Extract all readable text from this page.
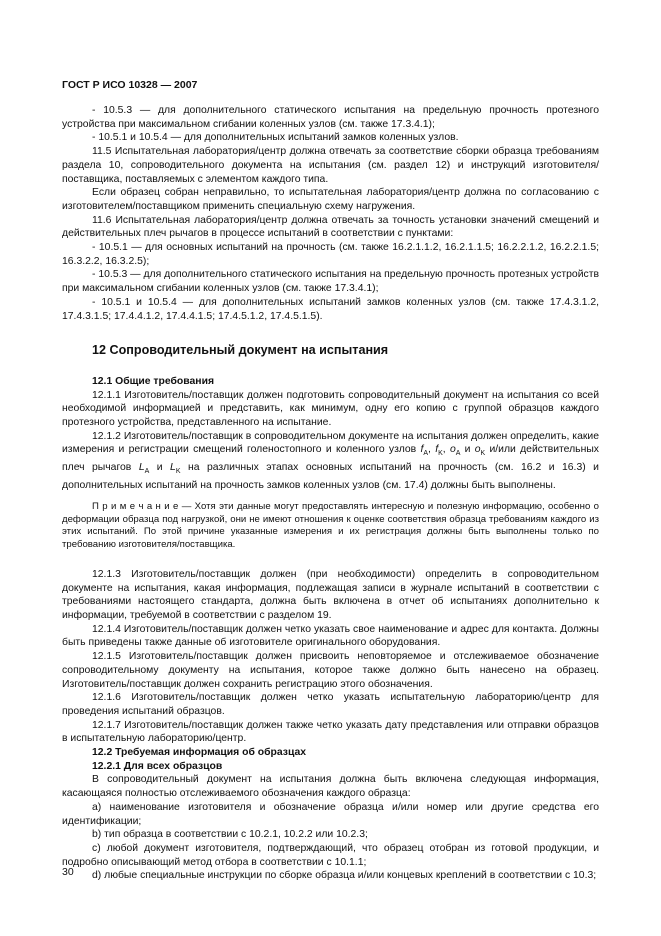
ГОСТ Р ИСО 10328 — 2007

- 10.5.3 — для дополнительного статического испытания на предельную прочность протезного устройства при максимальном сгибании коленных узлов (см. также 17.3.4.1);

- 10.5.1 и 10.5.4 — для дополнительных испытаний замков коленных узлов.

11.5 Испытательная лаборатория/центр должна отвечать за соответствие сборки образца требованиям раздела 10, сопроводительного документа на испытания (см. раздел 12) и инструкций изготовителя/поставщика, поставляемых с элементом каждого типа.

Если образец собран неправильно, то испытательная лаборатория/центр должна по согласованию с изготовителем/поставщиком применить специальную схему нагружения.

11.6 Испытательная лаборатория/центр должна отвечать за точность установки значений смещений и действительных плеч рычагов в процессе испытаний в соответствии с пунктами:

- 10.5.1 — для основных испытаний на прочность (см. также 16.2.1.1.2, 16.2.1.1.5; 16.2.2.1.2, 16.2.2.1.5; 16.3.2.2, 16.3.2.5);

- 10.5.3 — для дополнительного статического испытания на предельную прочность протезных устройств при максимальном сгибании коленных узлов (см. также 17.3.4.1);

- 10.5.1 и 10.5.4 — для дополнительных испытаний замков коленных узлов (см. также 17.4.3.1.2, 17.4.3.1.5; 17.4.4.1.2, 17.4.4.1.5; 17.4.5.1.2, 17.4.5.1.5).

12 Сопроводительный документ на испытания

12.1 Общие требования

12.1.1 Изготовитель/поставщик должен подготовить сопроводительный документ на испытания со всей необходимой информацией и представить, как минимум, одну его копию с группой образцов каждого протезного устройства, представленного на испытание.

12.1.2 Изготовитель/поставщик в сопроводительном документе на испытания должен определить, какие измерения и регистрации смещений голеностопного и коленного узлов $f_A$, $f_K$, $o_A$ и $o_K$ и/или действительных плеч рычагов $L_A$ и $L_K$ на различных этапах основных испытаний на прочность (см. 16.2 и 16.3) и дополнительных испытаний на прочность замков коленных узлов (см. 17.4) должны быть выполнены.

П р и м е ч а н и е — Хотя эти данные могут предоставлять интересную и полезную информацию, особенно о деформации образца под нагрузкой, они не имеют отношения к оценке соответствия образца требованиям каждого из этих испытаний. По этой причине указанные измерения и их регистрация должны быть выполнены только по требованию изготовителя/поставщика.

12.1.3 Изготовитель/поставщик должен (при необходимости) определить в сопроводительном документе на испытания, какая информация, подлежащая записи в журнале испытаний в соответствии с требованиями настоящего стандарта, должна быть включена в отчет об испытаниях дополнительно к информации, требуемой в соответствии с разделом 19.

12.1.4 Изготовитель/поставщик должен четко указать свое наименование и адрес для контакта. Должны быть приведены также данные об изготовителе оригинального оборудования.

12.1.5 Изготовитель/поставщик должен присвоить неповторяемое и отслеживаемое обозначение сопроводительному документу на испытания, которое также должно быть нанесено на образец. Изготовитель/поставщик должен сохранить регистрацию этого обозначения.

12.1.6 Изготовитель/поставщик должен четко указать испытательную лабораторию/центр для проведения испытаний образцов.

12.1.7 Изготовитель/поставщик должен также четко указать дату представления или отправки образцов в испытательную лабораторию/центр.

12.2 Требуемая информация об образцах

12.2.1 Для всех образцов

В сопроводительный документ на испытания должна быть включена следующая информация, касающаяся полностью отслеживаемого обозначения каждого образца:

а) наименование изготовителя и обозначение образца и/или номер или другие средства его идентификации;

b) тип образца в соответствии с 10.2.1, 10.2.2 или 10.2.3;

c) любой документ изготовителя, подтверждающий, что образец отобран из готовой продукции, и подробно описывающий метод отбора в соответствии с 10.1.1;

d) любые специальные инструкции по сборке образца и/или концевых креплений в соответствии с 10.3;

30
